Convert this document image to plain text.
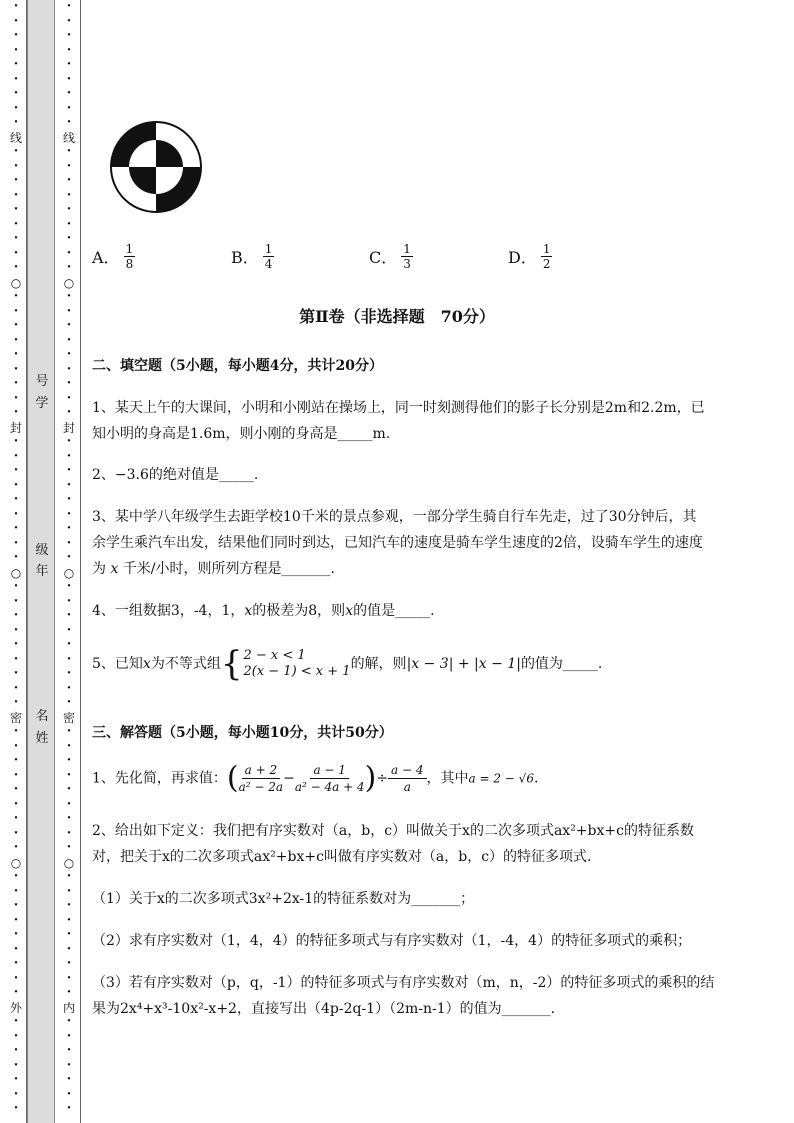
·
·
·
·
·
·
·
·
·
线
·
·
·
·
·
·
·
·
·
○
·
·
·
·
·
·
·
·
·
封
·
·
·
·
·
·
·
·
·
○
·
·
·
·
·
·
·
·
·
密
·
·
·
·
·
·
·
·
·
○
·
·
·
·
·
·
·
·
·
外
·
·
·
·
·
·
·
号
学
级
年
名
姓
·
·
·
·
·
·
·
·
·
线
·
·
·
·
·
·
·
·
·
○
·
·
·
·
·
·
·
·
·
封
·
·
·
·
·
·
·
·
·
○
·
·
·
·
·
·
·
·
·
密
·
·
·
·
·
·
·
·
·
○
·
·
·
·
·
·
·
·
·
内
·
·
·
·
·
·
·
A． $\frac{1}{8}$	B． $\frac{1}{4}$	C． $\frac{1}{3}$	D． $\frac{1}{2}$
第Ⅱ卷（非选择题　70分）
二、填空题（5小题，每小题4分，共计20分）
1、某天上午的大课间，小明和小刚站在操场上，同一时刻测得他们的影子长分别是2m和2.2m，已
知小明的身高是1.6m，则小刚的身高是_____m.
2、−3.6的绝对值是_____.
3、某中学八年级学生去距学校10千米的景点参观，一部分学生骑自行车先走，过了30分钟后，其
余学生乘汽车出发，结果他们同时到达，已知汽车的速度是骑车学生速度的2倍，设骑车学生的速度
为 x 千米/小时，则所列方程是_______.
4、一组数据3，-4，1，x的极差为8，则x的值是_____.
5、已知x为不等式组 { 2 − x < 1
2(x − 1) < x + 1 的解，则|x − 3| + |x − 1|的值为_____.
三、解答题（5小题，每小题10分，共计50分）
1、先化简，再求值：( $\frac{a + 2}{\text{a² − 2a}} - \frac{a - 1}{\text{a² − 4a + 4}}$ )÷ $\frac{a - 4}{a}$ ，其中a = 2 − √6.
2、给出如下定义：我们把有序实数对（a，b，c）叫做关于x的二次多项式ax²+bx+c的特征系数
对，把关于x的二次多项式ax²+bx+c叫做有序实数对（a，b，c）的特征多项式.
（1）关于x的二次多项式3x²+2x-1的特征系数对为_______；
（2）求有序实数对（1，4，4）的特征多项式与有序实数对（1，-4，4）的特征多项式的乘积；
（3）若有序实数对（p，q，-1）的特征多项式与有序实数对（m，n，-2）的特征多项式的乘积的结
果为2x⁴+x³-10x²-x+2，直接写出（4p-2q-1）（2m-n-1）的值为_______.
